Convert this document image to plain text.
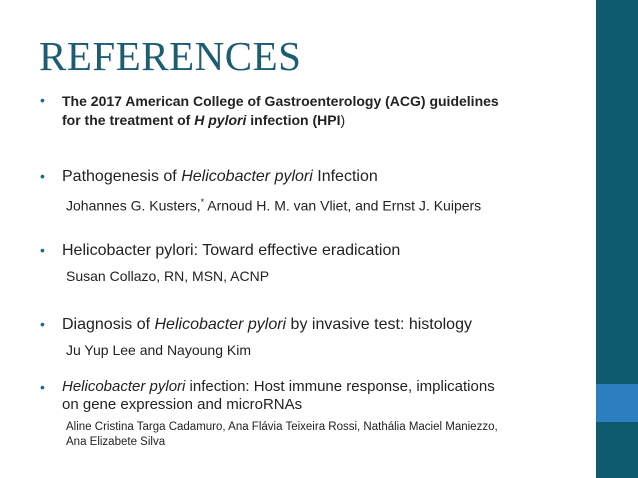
REFERENCES
• The 2017 American College of Gastroenterology (ACG) guidelines
for the treatment of H pylori infection (HPI)
• Pathogenesis of Helicobacter pylori Infection
Johannes G. Kusters,* Arnoud H. M. van Vliet, and Ernst J. Kuipers
• Helicobacter pylori: Toward effective eradication
Susan Collazo, RN, MSN, ACNP
• Diagnosis of Helicobacter pylori by invasive test: histology
Ju Yup Lee and Nayoung Kim
• Helicobacter pylori infection: Host immune response, implications
on gene expression and microRNAs
Aline Cristina Targa Cadamuro, Ana Flávia Teixeira Rossi, Nathália Maciel Maniezzo,
Ana Elizabete Silva
